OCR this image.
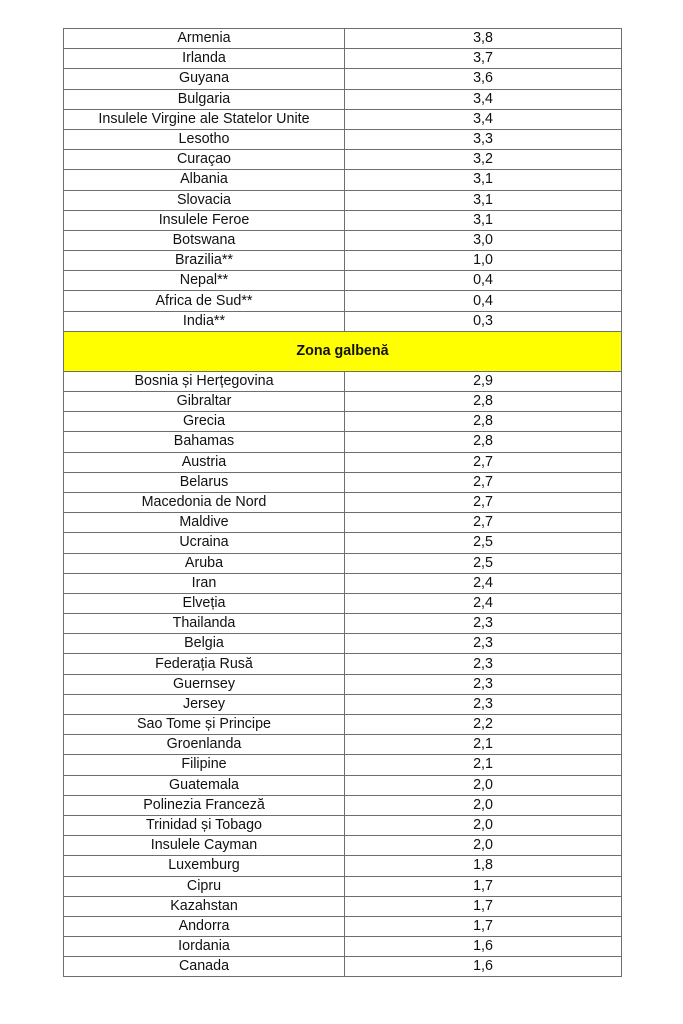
Armenia	3,8
Irlanda	3,7
Guyana	3,6
Bulgaria	3,4
Insulele Virgine ale Statelor Unite	3,4
Lesotho	3,3
Curaçao	3,2
Albania	3,1
Slovacia	3,1
Insulele Feroe	3,1
Botswana	3,0
Brazilia**	1,0
Nepal**	0,4
Africa de Sud**	0,4
India**	0,3
Zona galbenă	
Bosnia și Herțegovina	2,9
Gibraltar	2,8
Grecia	2,8
Bahamas	2,8
Austria	2,7
Belarus	2,7
Macedonia de Nord	2,7
Maldive	2,7
Ucraina	2,5
Aruba	2,5
Iran	2,4
Elveția	2,4
Thailanda	2,3
Belgia	2,3
Federația Rusă	2,3
Guernsey	2,3
Jersey	2,3
Sao Tome și Principe	2,2
Groenlanda	2,1
Filipine	2,1
Guatemala	2,0
Polinezia Franceză	2,0
Trinidad și Tobago	2,0
Insulele Cayman	2,0
Luxemburg	1,8
Cipru	1,7
Kazahstan	1,7
Andorra	1,7
Iordania	1,6
Canada	1,6
